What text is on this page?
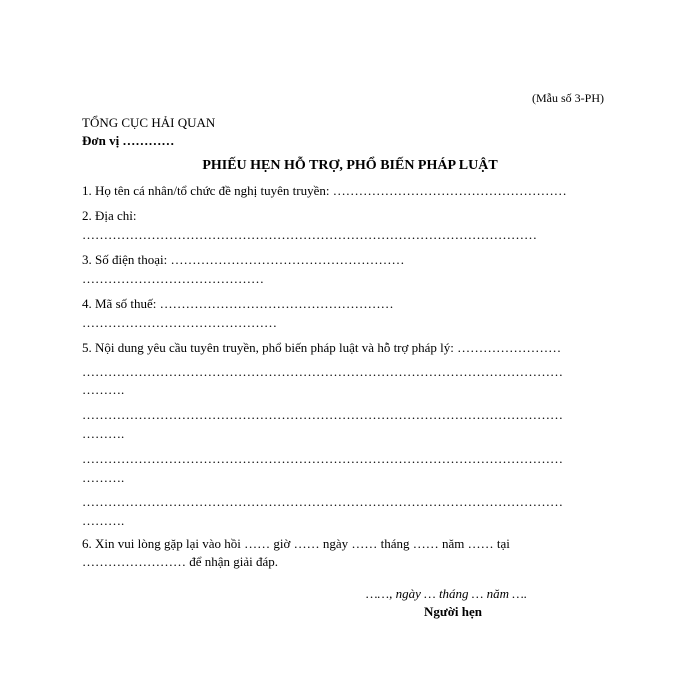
(Mẫu số 3-PH)
TỔNG CỤC HẢI QUAN
Đơn vị …………
PHIẾU HẸN HỖ TRỢ, PHỔ BIẾN PHÁP LUẬT
1. Họ tên cá nhân/tổ chức đề nghị tuyên truyền: ………………………………………………
2. Địa chỉ:
……………………………………………………………………………………………
3. Số điện thoại: ………………………………………………
……………………………………
4. Mã số thuế: ………………………………………………
………………………………………
5. Nội dung yêu cầu tuyên truyền, phổ biến pháp luật và hỗ trợ pháp lý: ……………………
…………………………………………………………………………………………………
……….
…………………………………………………………………………………………………
……….
…………………………………………………………………………………………………
……….
…………………………………………………………………………………………………
……….
6. Xin vui lòng gặp lại vào hồi …… giờ …… ngày …… tháng …… năm …… tại
…………………… để nhận giải đáp.
……, ngày … tháng … năm ….
Người hẹn
